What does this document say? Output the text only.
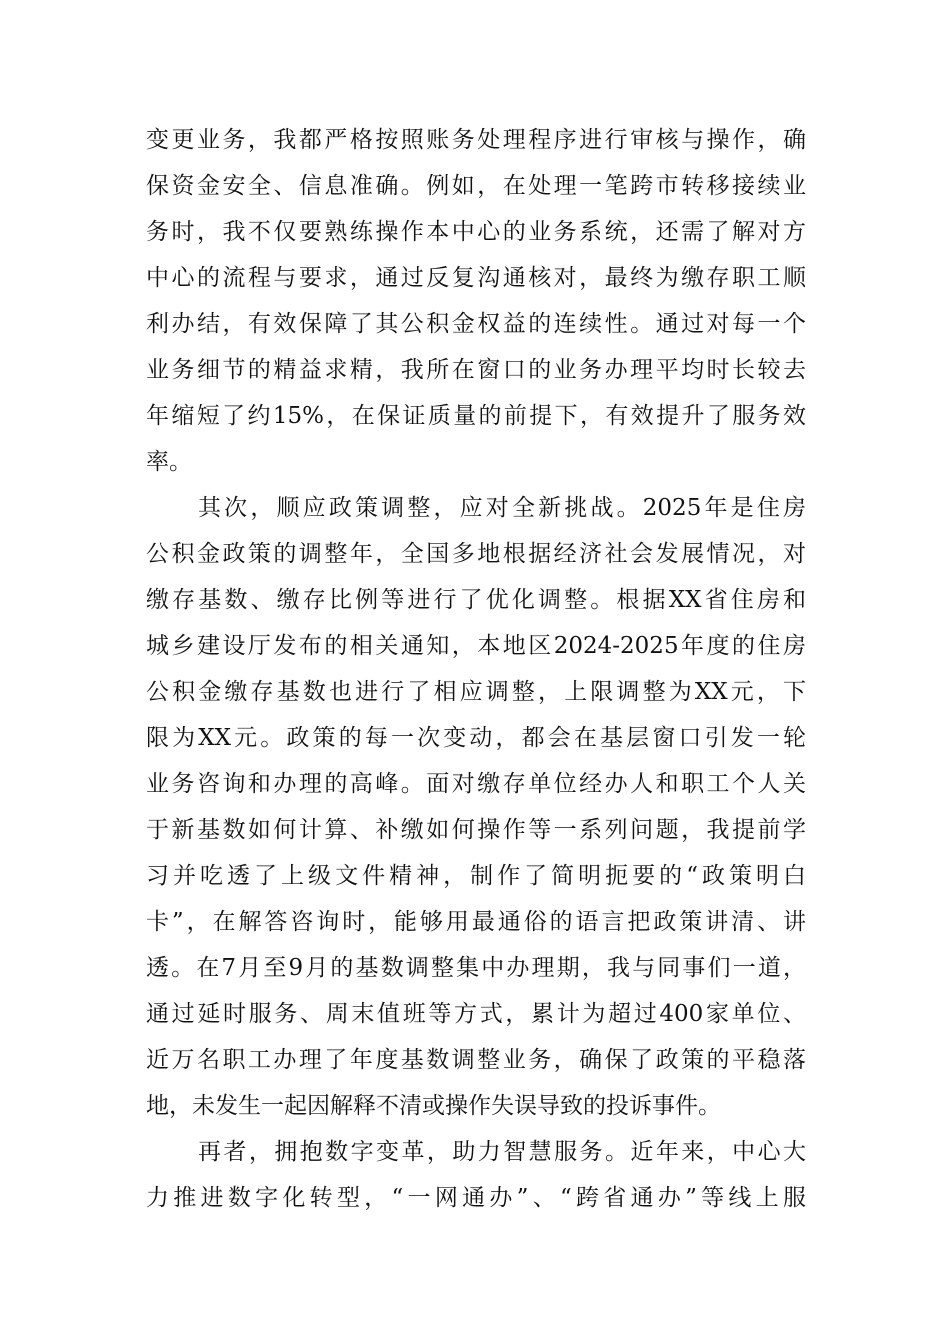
变更业务，我都严格按照账务处理程序进行审核与操作，确
保资金安全、信息准确。例如，在处理一笔跨市转移接续业
务时，我不仅要熟练操作本中心的业务系统，还需了解对方
中心的流程与要求，通过反复沟通核对，最终为缴存职工顺
利办结，有效保障了其公积金权益的连续性。通过对每一个
业务细节的精益求精，我所在窗口的业务办理平均时长较去
年缩短了约15%，在保证质量的前提下，有效提升了服务效
率。
其次，顺应政策调整，应对全新挑战。2025年是住房
公积金政策的调整年，全国多地根据经济社会发展情况，对
缴存基数、缴存比例等进行了优化调整。根据XX省住房和
城乡建设厅发布的相关通知，本地区2024-2025年度的住房
公积金缴存基数也进行了相应调整，上限调整为XX元，下
限为XX元。政策的每一次变动，都会在基层窗口引发一轮
业务咨询和办理的高峰。面对缴存单位经办人和职工个人关
于新基数如何计算、补缴如何操作等一系列问题，我提前学
习并吃透了上级文件精神，制作了简明扼要的“政策明白
卡”，在解答咨询时，能够用最通俗的语言把政策讲清、讲
透。在7月至9月的基数调整集中办理期，我与同事们一道，
通过延时服务、周末值班等方式，累计为超过400家单位、
近万名职工办理了年度基数调整业务，确保了政策的平稳落
地，未发生一起因解释不清或操作失误导致的投诉事件。
再者，拥抱数字变革，助力智慧服务。近年来，中心大
力推进数字化转型，“一网通办”、“跨省通办”等线上服
